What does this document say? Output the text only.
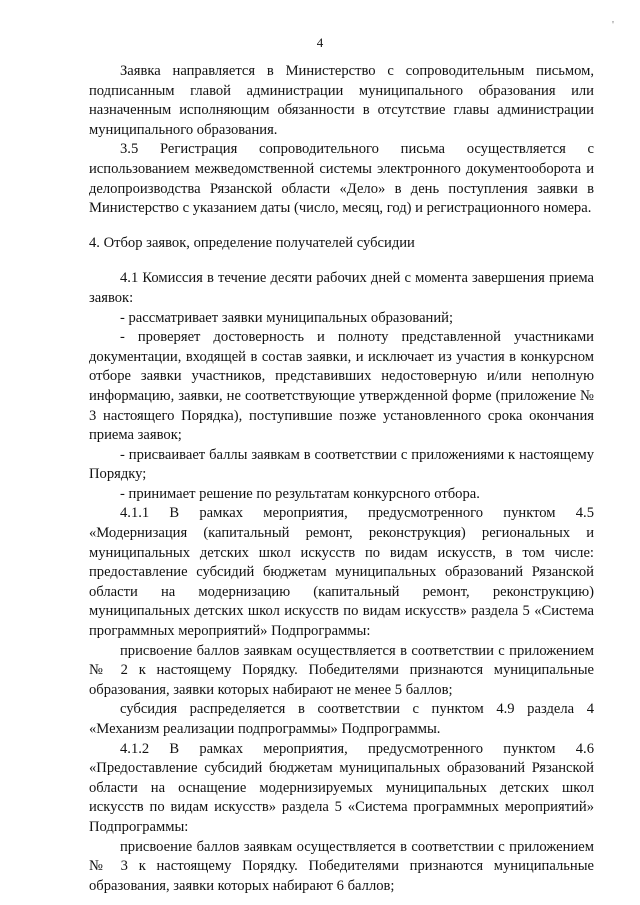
'
4

Заявка направляется в Министерство с сопроводительным письмом, подписанным главой администрации муниципального образования или назначенным исполняющим обязанности в отсутствие главы администрации муниципального образования.

3.5 Регистрация сопроводительного письма осуществляется с использованием межведомственной системы электронного документооборота и делопроизводства Рязанской области «Дело» в день поступления заявки в Министерство с указанием даты (число, месяц, год) и регистрационного номера.

4. Отбор заявок, определение получателей субсидии

4.1 Комиссия в течение десяти рабочих дней с момента завершения приема заявок:

- рассматривает заявки муниципальных образований;

- проверяет достоверность и полноту представленной участниками документации, входящей в состав заявки, и исключает из участия в конкурсном отборе заявки участников, представивших недостоверную и/или неполную информацию, заявки, не соответствующие утвержденной форме (приложение № 3 настоящего Порядка), поступившие позже установленного срока окончания приема заявок;

- присваивает баллы заявкам в соответствии с приложениями к настоящему Порядку;

- принимает решение по результатам конкурсного отбора.

4.1.1 В рамках мероприятия, предусмотренного пунктом 4.5 «Модернизация (капитальный ремонт, реконструкция) региональных и муниципальных детских школ искусств по видам искусств, в том числе: предоставление субсидий бюджетам муниципальных образований Рязанской области на модернизацию (капитальный ремонт, реконструкцию) муниципальных детских школ искусств по видам искусств» раздела 5 «Система программных мероприятий» Подпрограммы:

присвоение баллов заявкам осуществляется в соответствии с приложением № 2 к настоящему Порядку. Победителями признаются муниципальные образования, заявки которых набирают не менее 5 баллов;

субсидия распределяется в соответствии с пунктом 4.9 раздела 4 «Механизм реализации подпрограммы» Подпрограммы.

4.1.2 В рамках мероприятия, предусмотренного пунктом 4.6 «Предоставление субсидий бюджетам муниципальных образований Рязанской области на оснащение модернизируемых муниципальных детских школ искусств по видам искусств» раздела 5 «Система программных мероприятий» Подпрограммы:

присвоение баллов заявкам осуществляется в соответствии с приложением № 3 к настоящему Порядку. Победителями признаются муниципальные образования, заявки которых набирают 6 баллов;
